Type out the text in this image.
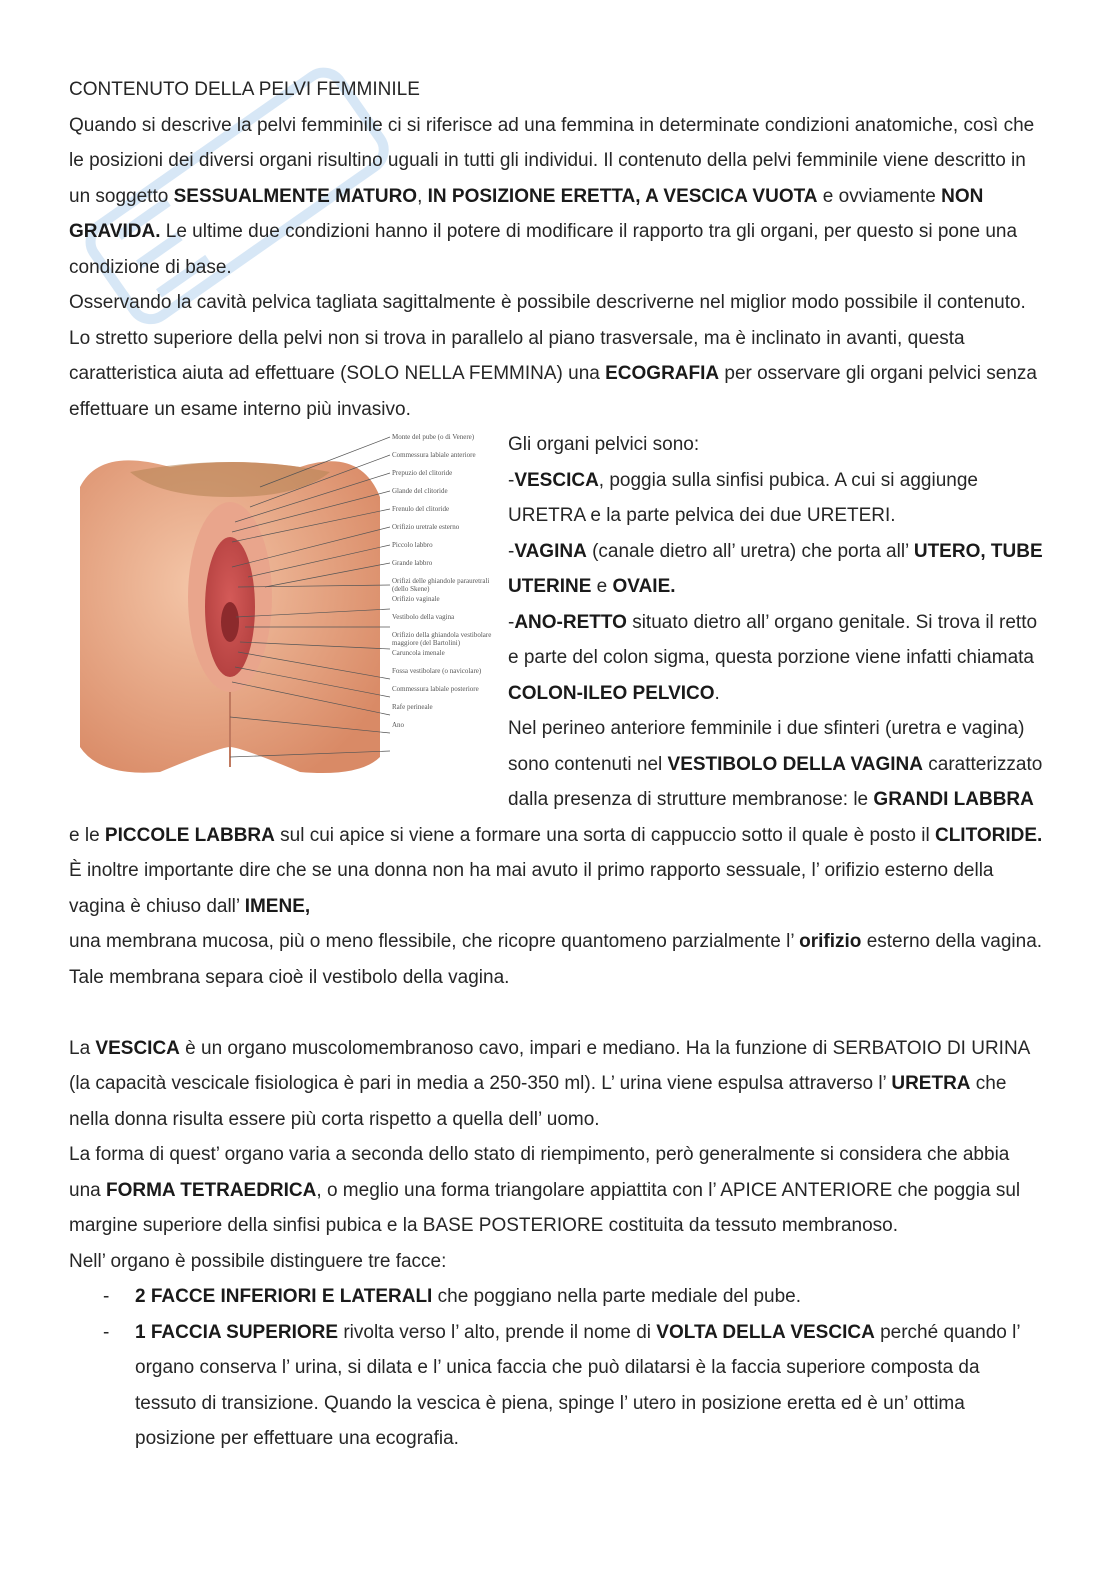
CONTENUTO DELLA PELVI FEMMINILE

Quando si descrive la pelvi femminile ci si riferisce ad una femmina in determinate condizioni anatomiche, così che le posizioni dei diversi organi risultino uguali in tutti gli individui. Il contenuto della pelvi femminile viene descritto in un soggetto SESSUALMENTE MATURO, IN POSIZIONE ERETTA, A VESCICA VUOTA e ovviamente NON GRAVIDA. Le ultime due condizioni hanno il potere di modificare il rapporto tra gli organi, per questo si pone una condizione di base.

Osservando la cavità pelvica tagliata sagittalmente è possibile descriverne nel miglior modo possibile il contenuto. Lo stretto superiore della pelvi non si trova in parallelo al piano trasversale, ma è inclinato in avanti, questa caratteristica aiuta ad effettuare (SOLO NELLA FEMMINA) una ECOGRAFIA per osservare gli organi pelvici senza effettuare un esame interno più invasivo.

Monte del pube (o di Venere)
Commessura labiale anteriore
Prepuzio del clitoride
Glande del clitoride
Frenulo del clitoride
Orifizio uretrale esterno
Piccolo labbro
Grande labbro
Orifizi delle ghiandole parauretrali (dello Skene)
Orifizio vaginale
Vestibolo della vagina
Orifizio della ghiandola vestibolare maggiore (del Bartolini)
Caruncola imenale
Fossa vestibolare (o navicolare)
Commessura labiale posteriore
Rafe perineale
Ano

Gli organi pelvici sono:

-VESCICA, poggia sulla sinfisi pubica. A cui si aggiunge URETRA e la parte pelvica dei due URETERI.

-VAGINA (canale dietro all’ uretra) che porta all’ UTERO, TUBE UTERINE e OVAIE.

-ANO-RETTO situato dietro all’ organo genitale. Si trova il retto e parte del colon sigma, questa porzione viene infatti chiamata COLON-ILEO PELVICO.

Nel perineo anteriore femminile i due sfinteri (uretra e vagina) sono contenuti nel VESTIBOLO DELLA VAGINA caratterizzato dalla presenza di strutture membranose: le GRANDI LABBRA e le PICCOLE LABBRA sul cui apice si viene a formare una sorta di cappuccio sotto il quale è posto il CLITORIDE. È inoltre importante dire che se una donna non ha mai avuto il primo rapporto sessuale, l’ orifizio esterno della vagina è chiuso dall’ IMENE,

una membrana mucosa, più o meno flessibile, che ricopre quantomeno parzialmente l’ orifizio esterno della vagina. Tale membrana separa cioè il vestibolo della vagina.

La VESCICA è un organo muscolomembranoso cavo, impari e mediano. Ha la funzione di SERBATOIO DI URINA (la capacità vescicale fisiologica è pari in media a 250-350 ml). L’ urina viene espulsa attraverso l’ URETRA che nella donna risulta essere più corta rispetto a quella dell’ uomo.

La forma di quest’ organo varia a seconda dello stato di riempimento, però generalmente si considera che abbia una FORMA TETRAEDRICA, o meglio una forma triangolare appiattita con l’ APICE ANTERIORE che poggia sul margine superiore della sinfisi pubica e la BASE POSTERIORE costituita da tessuto membranoso.

Nell’ organo è possibile distinguere tre facce:

- 2 FACCE INFERIORI E LATERALI che poggiano nella parte mediale del pube.
- 1 FACCIA SUPERIORE rivolta verso l’ alto, prende il nome di VOLTA DELLA VESCICA perché quando l’ organo conserva l’ urina, si dilata e l’ unica faccia che può dilatarsi è la faccia superiore composta da tessuto di transizione. Quando la vescica è piena, spinge l’ utero in posizione eretta ed è un’ ottima posizione per effettuare una ecografia.
